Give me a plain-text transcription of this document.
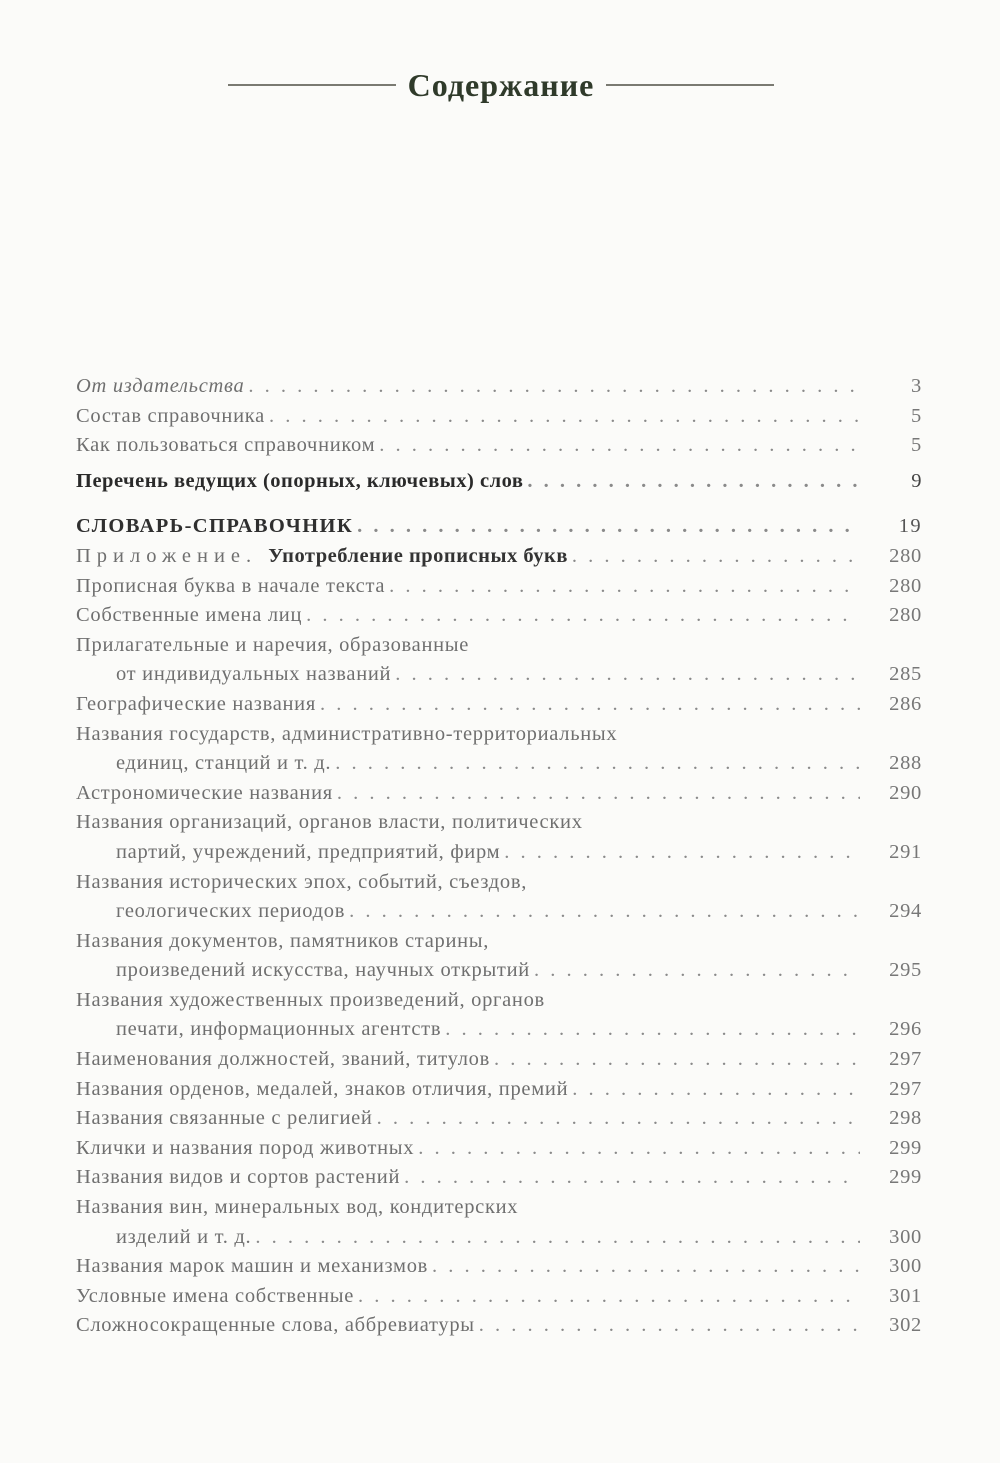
Содержание
От издательства . . .	3
Состав справочника . . .	5
Как пользоваться справочником . . .	5
Перечень ведущих (опорных, ключевых) слов . . .	9
СЛОВАРЬ-СПРАВОЧНИК . . .	19
Приложение. Употребление прописных букв . . .	280
Прописная буква в начале текста . . .	280
Собственные имена лиц . . .	280
Прилагательные и наречия, образованные
от индивидуальных названий . . .	285
Географические названия . . .	286
Названия государств, административно-территориальных
единиц, станций и т. д. . . .	288
Астрономические названия . . .	290
Названия организаций, органов власти, политических
партий, учреждений, предприятий, фирм . . .	291
Названия исторических эпох, событий, съездов,
геологических периодов . . .	294
Названия документов, памятников старины,
произведений искусства, научных открытий . . .	295
Названия художественных произведений, органов
печати, информационных агентств . . .	296
Наименования должностей, званий, титулов . . .	297
Названия орденов, медалей, знаков отличия, премий . . .	297
Названия связанные с религией . . .	298
Клички и названия пород животных . . .	299
Названия видов и сортов растений . . .	299
Названия вин, минеральных вод, кондитерских
изделий и т. д. . . .	300
Названия марок машин и механизмов . . .	300
Условные имена собственные . . .	301
Сложносокращенные слова, аббревиатуры . . .	302
